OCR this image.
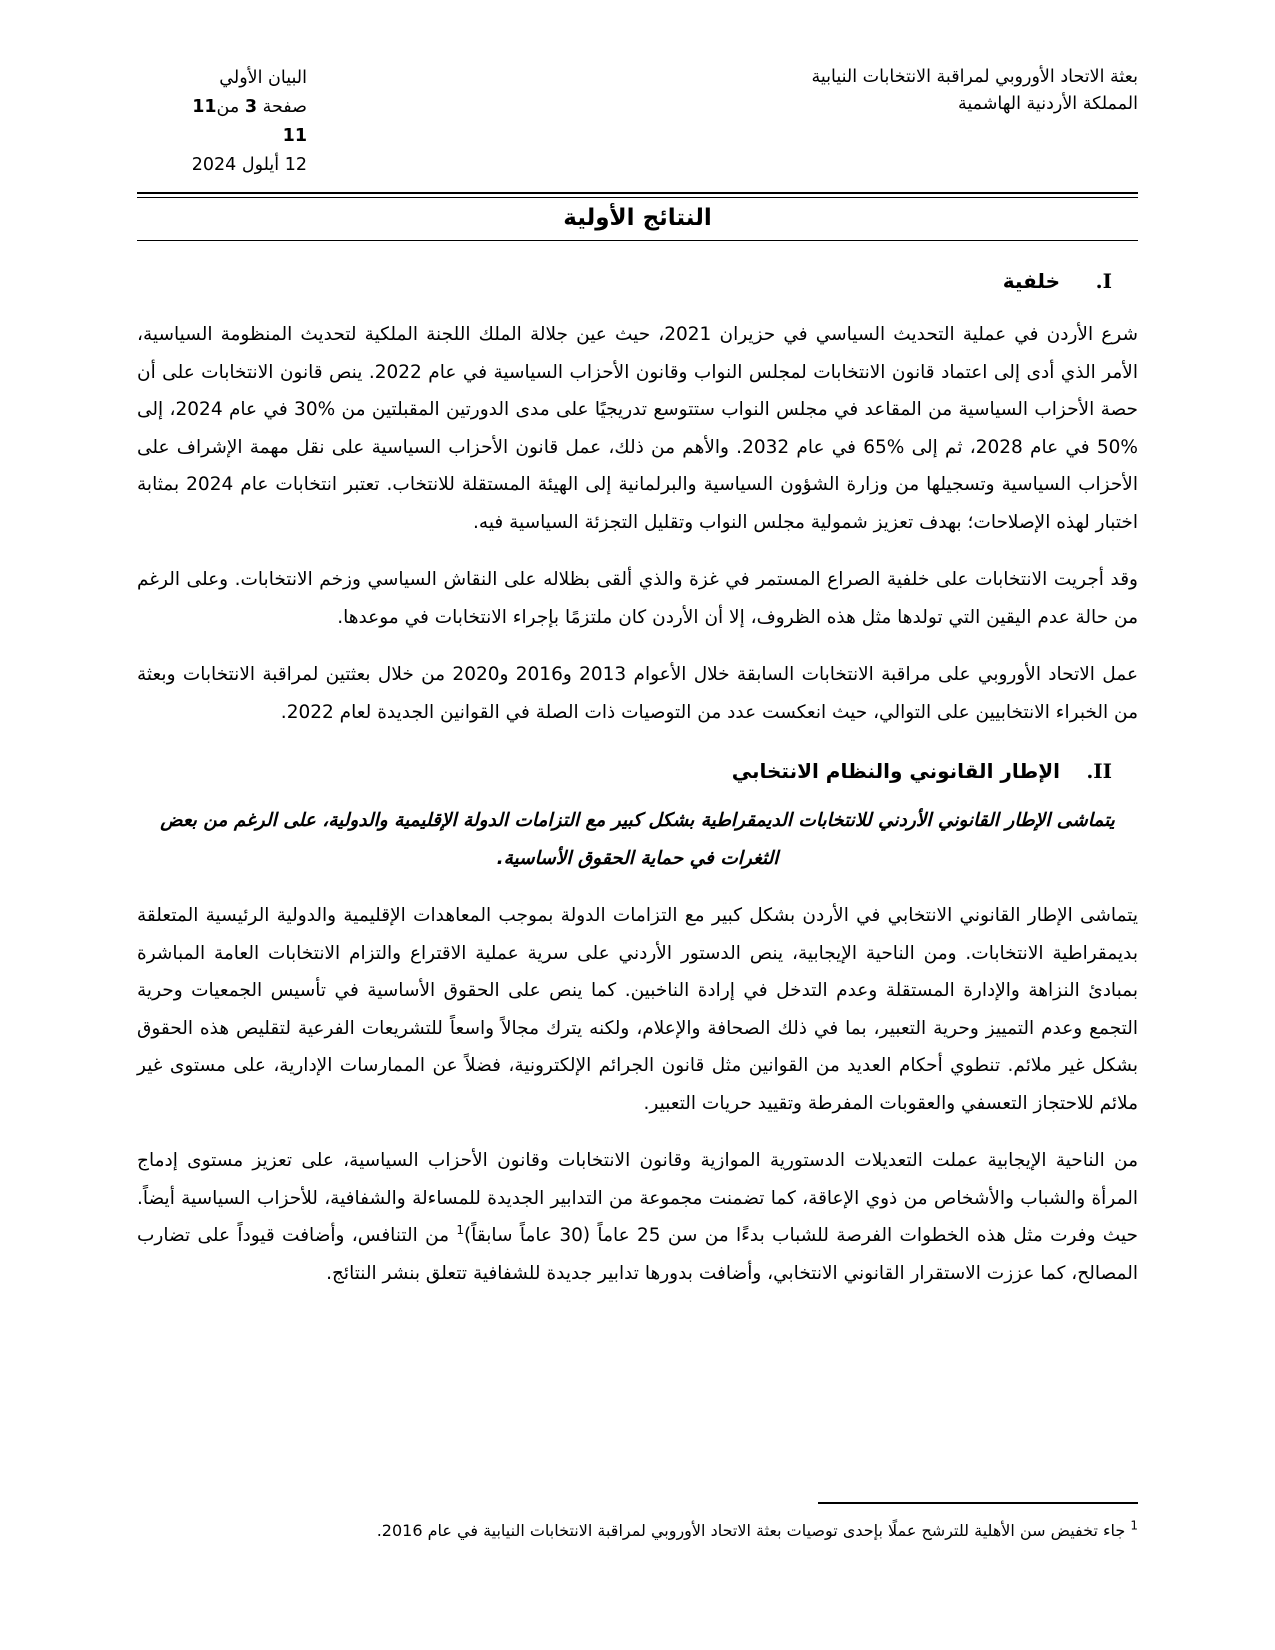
بعثة الاتحاد الأوروبي لمراقبة الانتخابات النيابية
المملكة الأردنية الهاشمية
البيان الأولي
صفحة 3 من11
11
12 أيلول 2024
النتائج الأولية
I.خلفية
شرع الأردن في عملية التحديث السياسي في حزيران 2021، حيث عين جلالة الملك اللجنة الملكية لتحديث المنظومة السياسية، الأمر الذي أدى إلى اعتماد قانون الانتخابات لمجلس النواب وقانون الأحزاب السياسية في عام 2022. ينص قانون الانتخابات على أن حصة الأحزاب السياسية من المقاعد في مجلس النواب ستتوسع تدريجيًا على مدى الدورتين المقبلتين من %30 في عام 2024، إلى %50 في عام 2028، ثم إلى %65 في عام 2032. والأهم من ذلك، عمل قانون الأحزاب السياسية على نقل مهمة الإشراف على الأحزاب السياسية وتسجيلها من وزارة الشؤون السياسية والبرلمانية إلى الهيئة المستقلة للانتخاب. تعتبر انتخابات عام 2024 بمثابة اختبار لهذه الإصلاحات؛ بهدف تعزيز شمولية مجلس النواب وتقليل التجزئة السياسية فيه.
وقد أجريت الانتخابات على خلفية الصراع المستمر في غزة والذي ألقى بظلاله على النقاش السياسي وزخم الانتخابات. وعلى الرغم من حالة عدم اليقين التي تولدها مثل هذه الظروف، إلا أن الأردن كان ملتزمًا بإجراء الانتخابات في موعدها.
عمل الاتحاد الأوروبي على مراقبة الانتخابات السابقة خلال الأعوام 2013 و2016 و2020 من خلال بعثتين لمراقبة الانتخابات وبعثة من الخبراء الانتخابيين على التوالي، حيث انعكست عدد من التوصيات ذات الصلة في القوانين الجديدة لعام 2022.
II.الإطار القانوني والنظام الانتخابي
يتماشى الإطار القانوني الأردني للانتخابات الديمقراطية بشكل كبير مع التزامات الدولة الإقليمية والدولية، على الرغم من بعض الثغرات في حماية الحقوق الأساسية.
يتماشى الإطار القانوني الانتخابي في الأردن بشكل كبير مع التزامات الدولة بموجب المعاهدات الإقليمية والدولية الرئيسية المتعلقة بديمقراطية الانتخابات. ومن الناحية الإيجابية، ينص الدستور الأردني على سرية عملية الاقتراع والتزام الانتخابات العامة المباشرة بمبادئ النزاهة والإدارة المستقلة وعدم التدخل في إرادة الناخبين. كما ينص على الحقوق الأساسية في تأسيس الجمعيات وحرية التجمع وعدم التمييز وحرية التعبير، بما في ذلك الصحافة والإعلام، ولكنه يترك مجالاً واسعاً للتشريعات الفرعية لتقليص هذه الحقوق بشكل غير ملائم. تنطوي أحكام العديد من القوانين مثل قانون الجرائم الإلكترونية، فضلاً عن الممارسات الإدارية، على مستوى غير ملائم للاحتجاز التعسفي والعقوبات المفرطة وتقييد حريات التعبير.
من الناحية الإيجابية عملت التعديلات الدستورية الموازية وقانون الانتخابات وقانون الأحزاب السياسية، على تعزيز مستوى إدماج المرأة والشباب والأشخاص من ذوي الإعاقة، كما تضمنت مجموعة من التدابير الجديدة للمساءلة والشفافية، للأحزاب السياسية أيضاً. حيث وفرت مثل هذه الخطوات الفرصة للشباب بدءًا من سن 25 عاماً (30 عاماً سابقاً)$^1$ من التنافس، وأضافت قيوداً على تضارب المصالح، كما عززت الاستقرار القانوني الانتخابي، وأضافت بدورها تدابير جديدة للشفافية تتعلق بنشر النتائج.
$^1$ جاء تخفيض سن الأهلية للترشح عملًا بإحدى توصيات بعثة الاتحاد الأوروبي لمراقبة الانتخابات النيابية في عام 2016.
